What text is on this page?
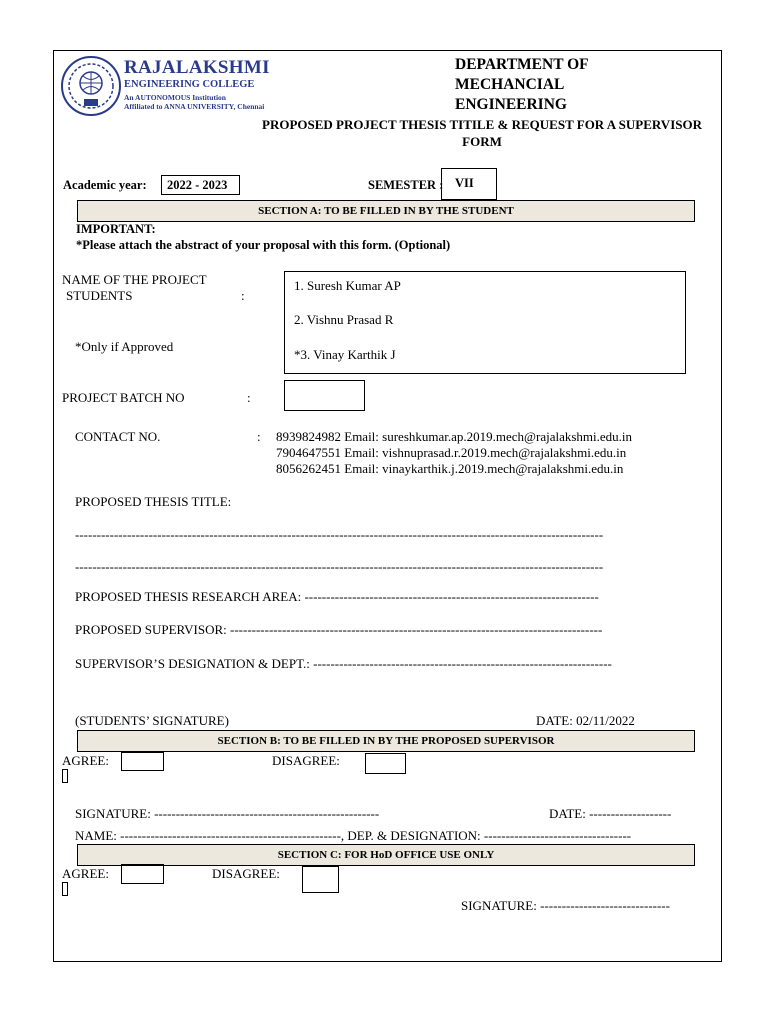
RAJALAKSHMI
ENGINEERING COLLEGE
An AUTONOMOUS Institution
Affiliated to ANNA UNIVERSITY, Chennai
DEPARTMENT OF
MECHANCIAL
ENGINEERING
PROPOSED PROJECT THESIS TITILE & REQUEST FOR A SUPERVISOR FORM
Academic year: 2022 - 2023	SEMESTER : VII
SECTION A: TO BE FILLED IN BY THE STUDENT
IMPORTANT:
*Please attach the abstract of your proposal with this form. (Optional)
NAME OF THE PROJECT
STUDENTS	:
*Only if Approved
1. Suresh Kumar AP
2. Vishnu Prasad R
*3. Vinay Karthik J
PROJECT BATCH NO	:
CONTACT NO.	: 8939824982 Email: sureshkumar.ap.2019.mech@rajalakshmi.edu.in
7904647551 Email: vishnuprasad.r.2019.mech@rajalakshmi.edu.in
8056262451 Email: vinaykarthik.j.2019.mech@rajalakshmi.edu.in
PROPOSED THESIS TITLE:
--------------------------------------------------------------------------------------------------------------------------
--------------------------------------------------------------------------------------------------------------------------
PROPOSED THESIS RESEARCH AREA: --------------------------------------------------------------------
PROPOSED SUPERVISOR: --------------------------------------------------------------------------------------
SUPERVISOR’S DESIGNATION & DEPT.: ---------------------------------------------------------------------
(STUDENTS’ SIGNATURE)	DATE: 02/11/2022
SECTION B: TO BE FILLED IN BY THE PROPOSED SUPERVISOR
AGREE:	DISAGREE:
SIGNATURE: ----------------------------------------------------	DATE: -------------------
NAME: ---------------------------------------------------, DEP. & DESIGNATION: ----------------------------------
SECTION C: FOR HoD OFFICE USE ONLY
AGREE:	DISAGREE:
SIGNATURE: ------------------------------
